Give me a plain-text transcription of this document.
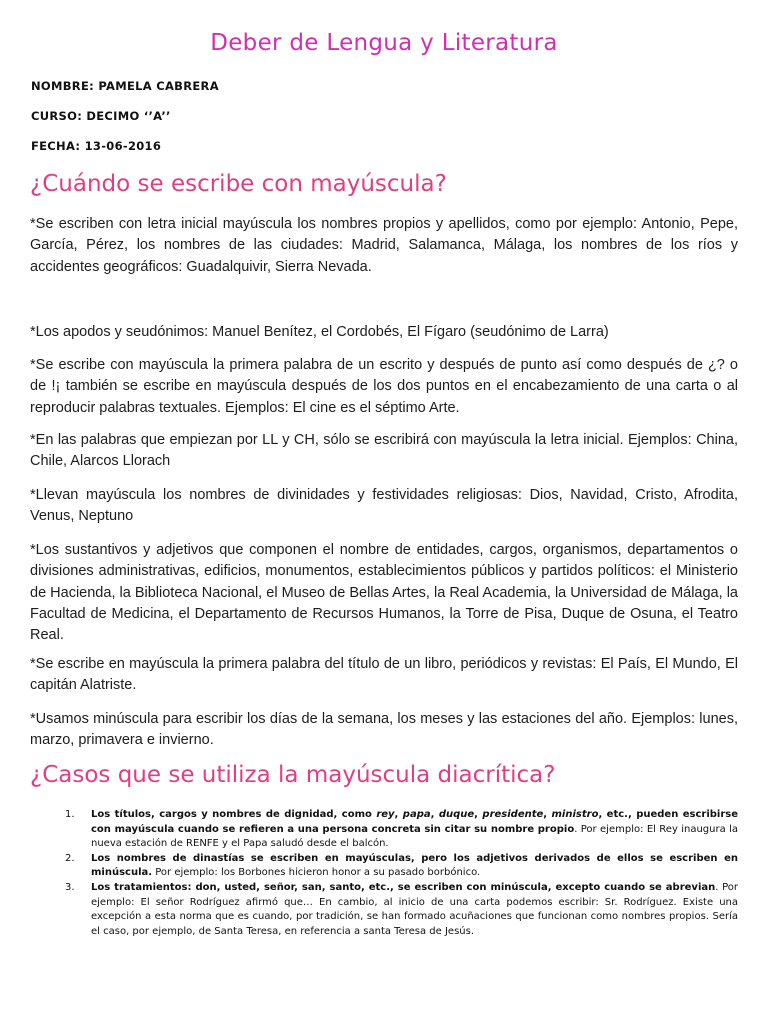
Deber de Lengua y Literatura

NOMBRE: PAMELA CABRERA

CURSO: DECIMO ‘’A’’

FECHA: 13-06-2016

¿Cuándo se escribe con mayúscula?

*Se escriben con letra inicial mayúscula los nombres propios y apellidos, como por ejemplo: Antonio, Pepe, García, Pérez, los nombres de las ciudades: Madrid, Salamanca, Málaga, los nombres de los ríos y accidentes geográficos: Guadalquivir, Sierra Nevada.

*Los apodos y seudónimos: Manuel Benítez, el Cordobés, El Fígaro (seudónimo de Larra)

*Se escribe con mayúscula la primera palabra de un escrito y después de punto así como después de ¿? o de !¡ también se escribe en mayúscula después de los dos puntos en el encabezamiento de una carta o al reproducir palabras textuales. Ejemplos: El cine es el séptimo Arte.

*En las palabras que empiezan por LL y CH, sólo se escribirá con mayúscula la letra inicial. Ejemplos: China, Chile, Alarcos Llorach

*Llevan mayúscula los nombres de divinidades y festividades religiosas: Dios, Navidad, Cristo, Afrodita, Venus, Neptuno

*Los sustantivos y adjetivos que componen el nombre de entidades, cargos, organismos, departamentos o divisiones administrativas, edificios, monumentos, establecimientos públicos y partidos políticos: el Ministerio de Hacienda, la Biblioteca Nacional, el Museo de Bellas Artes, la Real Academia, la Universidad de Málaga, la Facultad de Medicina, el Departamento de Recursos Humanos, la Torre de Pisa, Duque de Osuna, el Teatro Real.

*Se escribe en mayúscula la primera palabra del título de un libro, periódicos y revistas: El País, El Mundo, El capitán Alatriste.

*Usamos minúscula para escribir los días de la semana, los meses y las estaciones del año. Ejemplos: lunes, marzo, primavera e invierno.

¿Casos que se utiliza la mayúscula diacrítica?
1. Los títulos, cargos y nombres de dignidad, como rey, papa, duque, presidente, ministro, etc., pueden escribirse con mayúscula cuando se refieren a una persona concreta sin citar su nombre propio. Por ejemplo: El Rey inaugura la nueva estación de RENFE y el Papa saludó desde el balcón.
2. Los nombres de dinastías se escriben en mayúsculas, pero los adjetivos derivados de ellos se escriben en minúscula. Por ejemplo: los Borbones hicieron honor a su pasado borbónico.
3. Los tratamientos: don, usted, señor, san, santo, etc., se escriben con minúscula, excepto cuando se abrevian. Por ejemplo: El señor Rodríguez afirmó que… En cambio, al inicio de una carta podemos escribir: Sr. Rodríguez. Existe una excepción a esta norma que es cuando, por tradición, se han formado acuñaciones que funcionan como nombres propios. Sería el caso, por ejemplo, de Santa Teresa, en referencia a santa Teresa de Jesús.
